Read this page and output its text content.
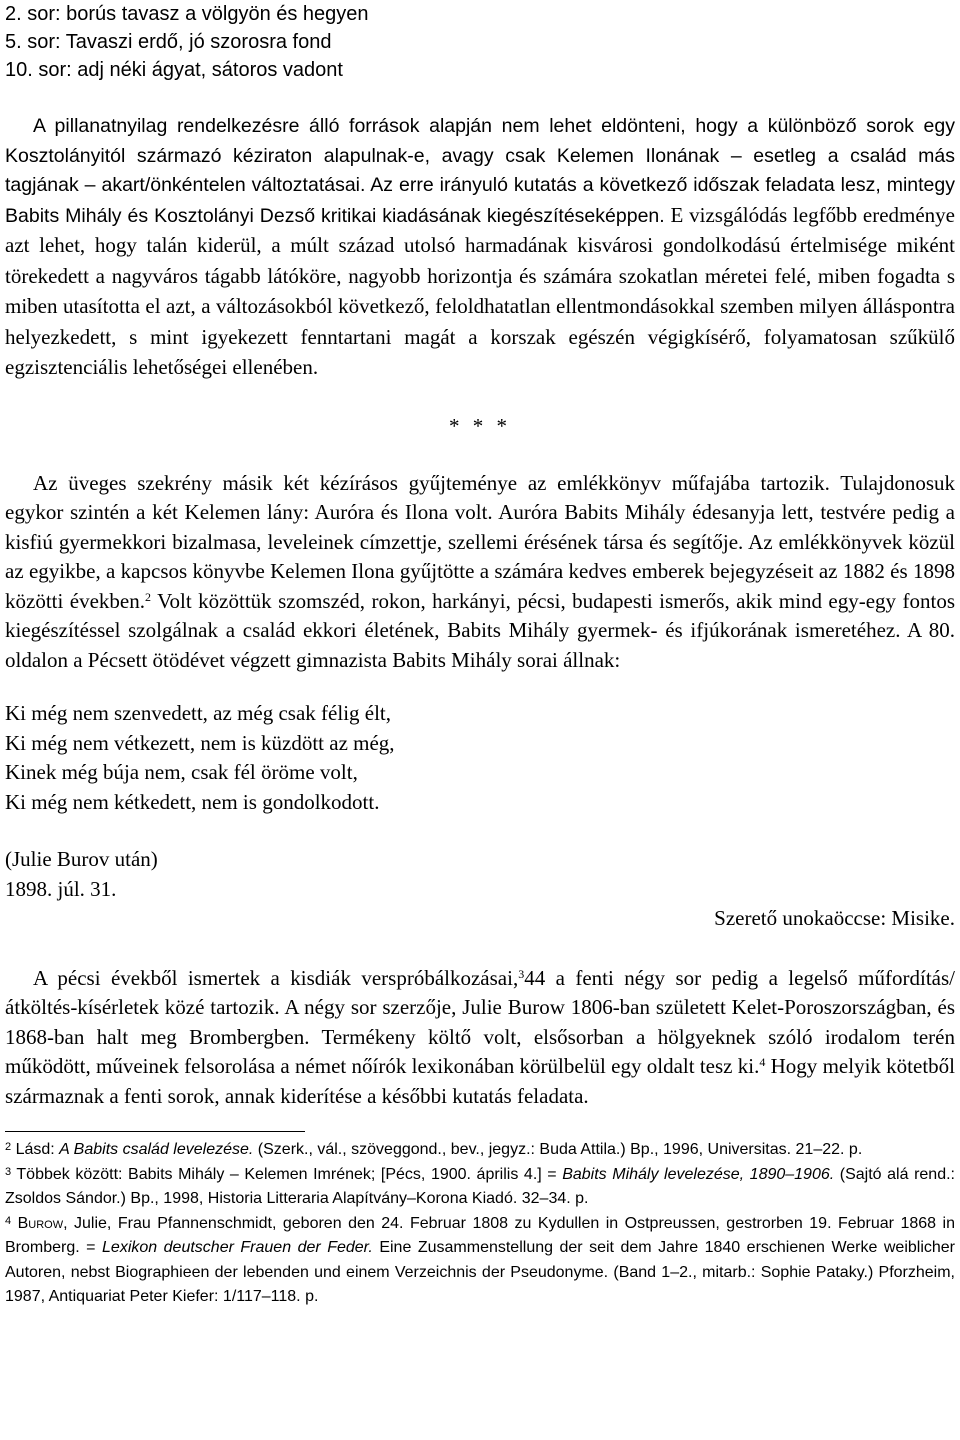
2. sor: borús tavasz a völgyön és hegyen
5. sor: Tavaszi erdő, jó szorosra fond
10. sor: adj néki ágyat, sátoros vadont

A pillanatnyilag rendelkezésre álló források alapján nem lehet eldönteni, hogy a különböző sorok egy Kosztolányitól származó kéziraton alapulnak-e, avagy csak Kelemen Ilonának – esetleg a család más tagjának – akart/önkéntelen változtatásai. Az erre irányuló kutatás a következő időszak feladata lesz, mintegy Babits Mihály és Kosztolányi Dezső kritikai kiadásának kiegészítéseképpen. E vizsgálódás legfőbb eredménye azt lehet, hogy talán kiderül, a múlt század utolsó harmadának kisvárosi gondolkodású értelmisége miként törekedett a nagyváros tágabb látóköre, nagyobb horizontja és számára szokatlan méretei felé, miben fogadta s miben utasította el azt, a változásokból következő, feloldhatatlan ellentmondásokkal szemben milyen álláspontra helyezkedett, s mint igyekezett fenntartani magát a korszak egészén végigkísérő, folyamatosan szűkülő egzisztenciális lehetőségei ellenében.

* * *

Az üveges szekrény másik két kézírásos gyűjteménye az emlékkönyv műfajába tartozik. Tulajdonosuk egykor szintén a két Kelemen lány: Auróra és Ilona volt. Auróra Babits Mihály édesanyja lett, testvére pedig a kisfiú gyermekkori bizalmasa, leveleinek címzettje, szellemi érésének társa és segítője. Az emlékkönyvek közül az egyikbe, a kapcsos könyvbe Kelemen Ilona gyűjtötte a számára kedves emberek bejegyzéseit az 1882 és 1898 közötti években.$^2$ Volt közöttük szomszéd, rokon, harkányi, pécsi, budapesti ismerős, akik mind egy-egy fontos kiegészítéssel szolgálnak a család ekkori életének, Babits Mihály gyermek- és ifjúkorának ismeretéhez. A 80. oldalon a Pécsett ötödévet végzett gimnazista Babits Mihály sorai állnak:

Ki még nem szenvedett, az még csak félig élt,
Ki még nem vétkezett, nem is küzdött az még,
Kinek még búja nem, csak fél öröme volt,
Ki még nem kétkedett, nem is gondolkodott.
(Julie Burov után)
1898. júl. 31.
Szerető unokaöccse: Misike.

A pécsi évekből ismertek a kisdiák verspróbálkozásai,$^3$44 a fenti négy sor pedig a legelső műfordítás/átköltés-kísérletek közé tartozik. A négy sor szerzője, Julie Burow 1806-ban született Kelet-Poroszországban, és 1868-ban halt meg Brombergben. Termékeny költő volt, elsősorban a hölgyeknek szóló irodalom terén működött, műveinek felsorolása a német nőírók lexikonában körülbelül egy oldalt tesz ki.$^4$ Hogy melyik kötetből származnak a fenti sorok, annak kiderítése a későbbi kutatás feladata.

$^2$ Lásd: A Babits család levelezése. (Szerk., vál., szöveggond., bev., jegyz.: Buda Attila.) Bp., 1996, Universitas. 21–22. p.

$^3$ Többek között: Babits Mihály – Kelemen Imrének; [Pécs, 1900. április 4.] = Babits Mihály levelezése, 1890–1906. (Sajtó alá rend.: Zsoldos Sándor.) Bp., 1998, Historia Litteraria Alapítvány–Korona Kiadó. 32–34. p.

$^4$ Burow, Julie, Frau Pfannenschmidt, geboren den 24. Februar 1808 zu Kydullen in Ostpreussen, gestrorben 19. Februar 1868 in Bromberg. = Lexikon deutscher Frauen der Feder. Eine Zusammenstellung der seit dem Jahre 1840 erschienen Werke weiblicher Autoren, nebst Biographieen der lebenden und einem Verzeichnis der Pseudonyme. (Band 1–2., mitarb.: Sophie Pataky.) Pforzheim, 1987, Antiquariat Peter Kiefer: 1/117–118. p.
